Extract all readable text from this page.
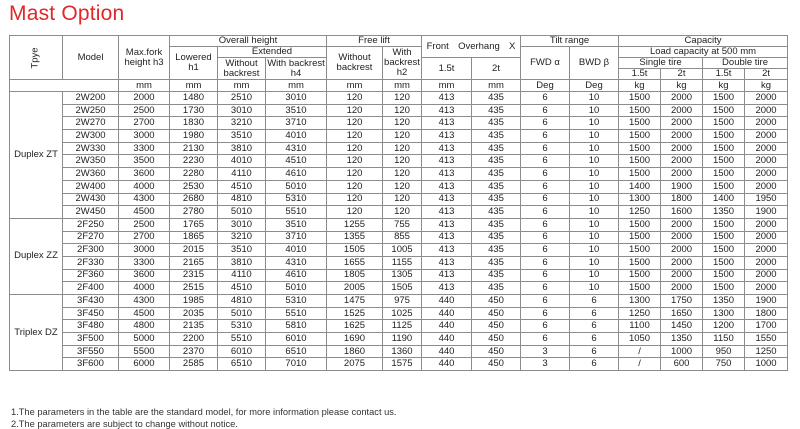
Mast Option
Tpye	Model	Max.fork height h3	Overall height			Free lift		Front Overhang X		Tilt range		Capacity			
			Lowered h1	Extended		Without backrest	With backrest h2			FWD α	BWD β	Load capacity at 500 mm			
				Without backrest	With backrest h4			1.5t	2t			Single tire		Double tire	
												1.5t	2t	1.5t	2t
		mm	mm	mm	mm	mm	mm	mm	mm	Deg	Deg	kg	kg	kg	kg
Duplex ZT	2W200	2000	1480	2510	3010	120	120	413	435	6	10	1500	2000	1500	2000
	2W250	2500	1730	3010	3510	120	120	413	435	6	10	1500	2000	1500	2000
	2W270	2700	1830	3210	3710	120	120	413	435	6	10	1500	2000	1500	2000
	2W300	3000	1980	3510	4010	120	120	413	435	6	10	1500	2000	1500	2000
	2W330	3300	2130	3810	4310	120	120	413	435	6	10	1500	2000	1500	2000
	2W350	3500	2230	4010	4510	120	120	413	435	6	10	1500	2000	1500	2000
	2W360	3600	2280	4110	4610	120	120	413	435	6	10	1500	2000	1500	2000
	2W400	4000	2530	4510	5010	120	120	413	435	6	10	1400	1900	1500	2000
	2W430	4300	2680	4810	5310	120	120	413	435	6	10	1300	1800	1400	1950
	2W450	4500	2780	5010	5510	120	120	413	435	6	10	1250	1600	1350	1900
Duplex ZZ	2F250	2500	1765	3010	3510	1255	755	413	435	6	10	1500	2000	1500	2000
	2F270	2700	1865	3210	3710	1355	855	413	435	6	10	1500	2000	1500	2000
	2F300	3000	2015	3510	4010	1505	1005	413	435	6	10	1500	2000	1500	2000
	2F330	3300	2165	3810	4310	1655	1155	413	435	6	10	1500	2000	1500	2000
	2F360	3600	2315	4110	4610	1805	1305	413	435	6	10	1500	2000	1500	2000
	2F400	4000	2515	4510	5010	2005	1505	413	435	6	10	1500	2000	1500	2000
Triplex DZ	3F430	4300	1985	4810	5310	1475	975	440	450	6	6	1300	1750	1350	1900
	3F450	4500	2035	5010	5510	1525	1025	440	450	6	6	1250	1650	1300	1800
	3F480	4800	2135	5310	5810	1625	1125	440	450	6	6	1100	1450	1200	1700
	3F500	5000	2200	5510	6010	1690	1190	440	450	6	6	1050	1350	1150	1550
	3F550	5500	2370	6010	6510	1860	1360	440	450	3	6	/	1000	950	1250
	3F600	6000	2585	6510	7010	2075	1575	440	450	3	6	/	600	750	1000
1.The parameters in the table are the standard model, for more information please contact us.
2.The parameters are subject to change without notice.
